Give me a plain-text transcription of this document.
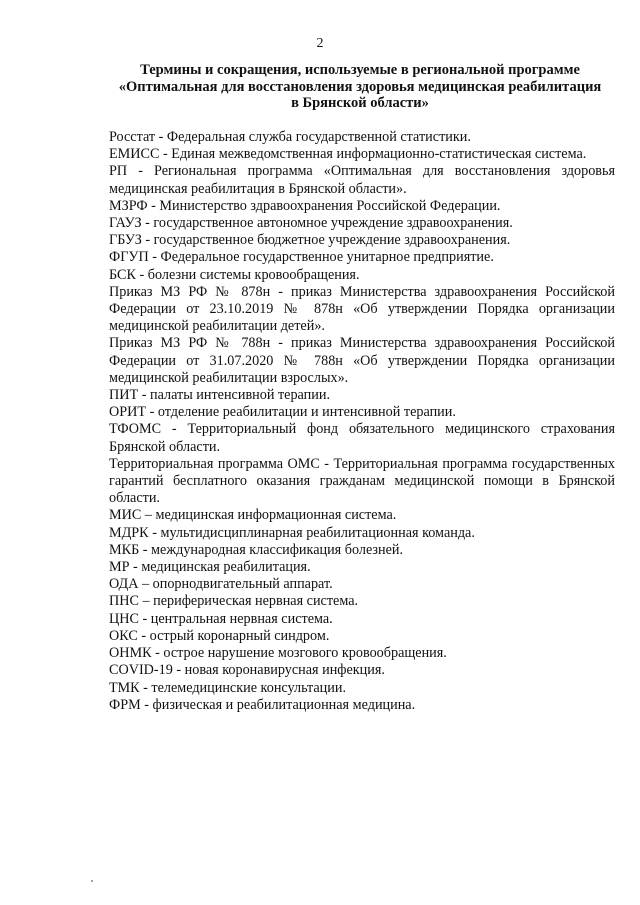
2
Термины и сокращения, используемые в региональной программе
«Оптимальная для восстановления здоровья медицинская реабилитация
в Брянской области»

Росстат - Федеральная служба государственной статистики.

ЕМИСС - Единая межведомственная информационно-статистическая система.

РП - Региональная программа «Оптимальная для восстановления здоровья медицинская реабилитация в Брянской области».

МЗРФ - Министерство здравоохранения Российской Федерации.

ГАУЗ - государственное автономное учреждение здравоохранения.

ГБУЗ - государственное бюджетное учреждение здравоохранения.

ФГУП - Федеральное государственное унитарное предприятие.

БСК - болезни системы кровообращения.

Приказ МЗ РФ № 878н - приказ Министерства здравоохранения Российской Федерации от 23.10.2019 № 878н «Об утверждении Порядка организации медицинской реабилитации детей».

Приказ МЗ РФ № 788н - приказ Министерства здравоохранения Российской Федерации от 31.07.2020 № 788н «Об утверждении Порядка организации медицинской реабилитации взрослых».

ПИТ - палаты интенсивной терапии.

ОРИТ - отделение реабилитации и интенсивной терапии.

ТФОМС - Территориальный фонд обязательного медицинского страхования Брянской области.

Территориальная программа ОМС - Территориальная программа государственных гарантий бесплатного оказания гражданам медицинской помощи в Брянской области.

МИС – медицинская информационная система.

МДРК - мультидисциплинарная реабилитационная команда.

МКБ - международная классификация болезней.

МР - медицинская реабилитация.

ОДА – опорнодвигательный аппарат.

ПНС – периферическая нервная система.

ЦНС - центральная нервная система.

ОКС - острый коронарный синдром.

ОНМК - острое нарушение мозгового кровообращения.

COVID-19 - новая коронавирусная инфекция.

ТМК - телемедицинские консультации.

ФРМ - физическая и реабилитационная медицина.
